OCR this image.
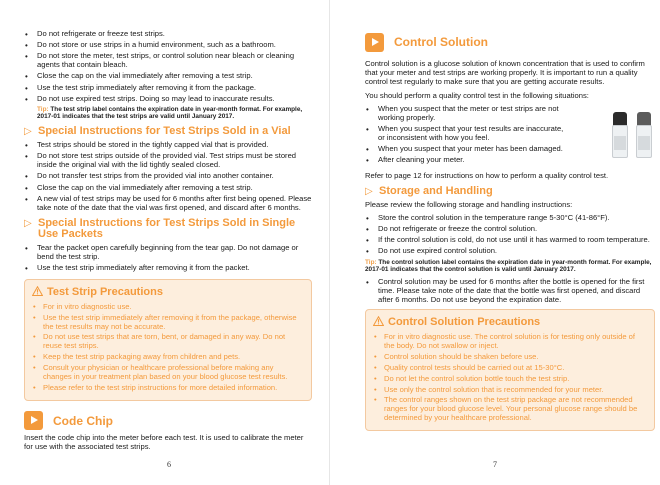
• Do not refrigerate or freeze test strips.
• Do not store or use strips in a humid environment, such as a bathroom.
• Do not store the meter, test strips, or control solution near bleach or cleaning agents that contain bleach.
• Close the cap on the vial immediately after removing a test strip.
• Use the test strip immediately after removing it from the package.
• Do not use expired test strips. Doing so may lead to inaccurate results.
Tip: The test strip label contains the expiration date in year-month format. For example, 2017-01 indicates that the test strips are valid until January 2017.
▷ Special Instructions for Test Strips Sold in a Vial
• Test strips should be stored in the tightly capped vial that is provided.
• Do not store test strips outside of the provided vial. Test strips must be stored inside the original vial with the lid tightly sealed closed.
• Do not transfer test strips from the provided vial into another container.
• Close the cap on the vial immediately after removing a test strip.
• A new vial of test strips may be used for 6 months after first being opened. Please take note of the date that the vial was first opened, and discard after 6 months.
▷ Special Instructions for Test Strips Sold in Single Use Packets
• Tear the packet open carefully beginning from the tear gap. Do not damage or bend the test strip.
• Use the test strip immediately after removing it from the packet.
Test Strip Precautions
• For in vitro diagnostic use.
• Use the test strip immediately after removing it from the package, otherwise the test results may not be accurate.
• Do not use test strips that are torn, bent, or damaged in any way. Do not reuse test strips.
• Keep the test strip packaging away from children and pets.
• Consult your physician or healthcare professional before making any changes in your treatment plan based on your blood glucose test results.
• Please refer to the test strip instructions for more detailed information.
Code Chip
Insert the code chip into the meter before each test. It is used to calibrate the meter for use with the associated test strips.
6
Control Solution
Control solution is a glucose solution of known concentration that is used to confirm that your meter and test strips are working properly. It is important to run a quality control test regularly to make sure that you are getting accurate results.
You should perform a quality control test in the following situations:
• When you suspect that the meter or test strips are not working properly.
• When you suspect that your test results are inaccurate, or inconsistent with how you feel.
• When you suspect that your meter has been damaged.
• After cleaning your meter.
Refer to page 12 for instructions on how to perform a quality control test.
▷ Storage and Handling
Please review the following storage and handling instructions:
• Store the control solution in the temperature range 5-30°C (41-86°F).
• Do not refrigerate or freeze the control solution.
• If the control solution is cold, do not use until it has warmed to room temperature.
• Do not use expired control solution.
Tip: The control solution label contains the expiration date in year-month format. For example, 2017-01 indicates that the control solution is valid until January 2017.
• Control solution may be used for 6 months after the bottle is opened for the first time. Please take note of the date that the bottle was first opened, and discard after 6 months. Do not use beyond the expiration date.
Control Solution Precautions
• For in vitro diagnostic use. The control solution is for testing only outside of the body. Do not swallow or inject.
• Control solution should be shaken before use.
• Quality control tests should be carried out at 15-30°C.
• Do not let the control solution bottle touch the test strip.
• Use only the control solution that is recommended for your meter.
• The control ranges shown on the test strip package are not recommended ranges for your blood glucose level. Your personal glucose range should be determined by your healthcare professional.
7
